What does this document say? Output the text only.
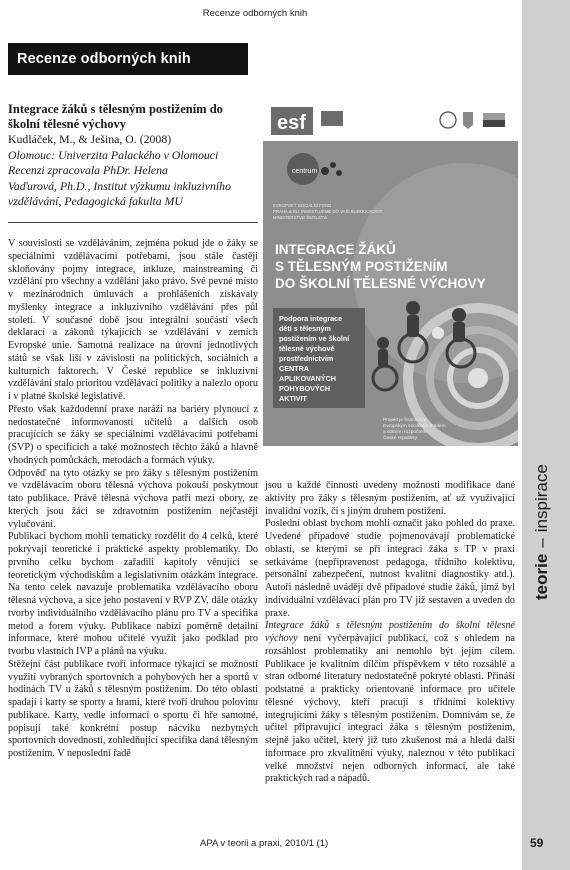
Recenze odborných knih
Recenze odborných knih
Integrace žáků s tělesným postižením do školní tělesné výchovy
Kudláček, M., & Ješina, O. (2008)
Olomouc: Univerzita Palackého v Olomouci
Recenzi zpracovala PhDr. Helena
Vaďurová, Ph.D., Institut výzkumu inkluzivního
vzdělávání, Pedagogická fakulta MU

V souvislosti se vzděláváním, zejména pokud jde o žáky se speciálními vzdělávacími potřebami, jsou stále častěji skloňovány pojmy integrace, inkluze, mainstreaming či vzdělání pro všechny a vzdělání jako právo. Své pevné místo v mezinárodních úmluvách a prohlášeních získávaly myšlenky integrace a inkluzivního vzdělávání přes půl století. V současné době jsou integrální součástí všech deklarací a zákonů týkajících se vzdělávání v zemích Evropské unie. Samotná realizace na úrovni jednotlivých států se však liší v závislosti na politických, sociálních a kulturních faktorech. V České republice se inkluzivní vzdělávání stalo prioritou vzdělávací politiky a nalezlo oporu i v platné školské legislativě.

Přesto však každodenní praxe naráží na bariéry plynoucí z nedostatečné informovanosti učitelů a dalších osob pracujících se žáky se speciálními vzdělávacími potřebami (SVP) o specifících a také možnostech těchto žáků a hlavně vhodných pomůckách, metodách a formách výuky.

Odpověď na tyto otázky se pro žáky s tělesným postižením ve vzdělávacím oboru tělesná výchova pokouší poskytnout tato publikace. Právě tělesná výchova patří mezi obory, ze kterých jsou žáci se zdravotním postižením nejčastěji vylučováni.

Publikaci bychom mohli tematicky rozdělit do 4 celků, které pokrývají teoretické i praktické aspekty problematiky. Do prvního celku bychom zařadili kapitoly věnující se teoretickým východiskům a legislativním otázkám integrace. Na tento celek navazuje problematika vzdělávacího oboru tělesná výchova, a sice jeho postavení v RVP ZV, dále otázky tvorby individuálního vzdělávacího plánu pro TV a specifika metod a forem výuky. Publikace nabízí poměrně detailní informace, které mohou učitelé využít jako podklad pro tvorbu vlastních IVP a plánů na výuku.

Stěžejní část publikace tvoří informace týkající se možností využití vybraných sportovních a pohybových her a sportů v hodinách TV u žáků s tělesným postižením. Do této oblasti spadají i karty se sporty a hrami, které tvoří druhou polovinu publikace. Karty, vedle informací o sportu či hře samotné, popisují také konkrétní postup nácviku nezbytných sportovních dovedností, zohledňující specifika daná tělesným postižením. V neposlední řadě

esf
centrum
EVROPSKÝ SOCIÁLNÍ FOND
PRAHA & EU: INVESTUJEME DO VAŠÍ BUDOUCNOSTI
MINISTERSTVO ŠKOLSTVÍ
INTEGRACE ŽÁKŮ
S TĚLESNÝM POSTIŽENÍM
DO ŠKOLNÍ TĚLESNÉ VÝCHOVY
Podpora integrace
dětí s tělesným
postižením ve školní
tělesné výchově
prostřednictvím
CENTRA
APLIKOVANÝCH
POHYBOVÝCH
AKTIVIT
Projekt je financován
Evropským sociálním fondem
a státním rozpočtem
České republiky

jsou u každé činnosti uvedeny možnosti modifikace dané aktivity pro žáky s tělesným postižením, ať už využívající invalidní vozík, či s jiným druhem postižení.

Poslední oblast bychom mohli označit jako pohled do praxe. Uvedené případové studie pojmenovávají problematické oblasti, se kterými se při integraci žáka s TP v praxi setkáváme (nepřipravenost pedagoga, třídního kolektivu, personální zabezpečení, nutnost kvalitní diagnostiky atd.). Autoři následně uvádějí dvě případové studie žáků, jimž byl individuální vzdělávací plán pro TV již sestaven a uveden do praxe.

Integrace žáků s tělesným postižením do školní tělesné výchovy není vyčerpávající publikací, což s ohledem na rozsáhlost problematiky ani nemohlo být jejím cílem. Publikace je kvalitním dílčím příspěvkem v této rozsáhlé a stran odborné literatury nedostatečně pokryté oblasti. Přináší podstatné a prakticky orientované informace pro učitele tělesné výchovy, kteří pracují s třídními kolektivy integrujícími žáky s tělesným postižením. Domnívám se, že učitel připravující integraci žáka s tělesným postižením, stejně jako učitel, který již tuto zkušenost má a hledá další informace pro zkvalitnění výuky, naleznou v této publikaci velké množství nejen odborných informací, ale také praktických rad a nápadů.

teorie–inspirace
APA v teorii a praxi, 2010/1 (1)	59
